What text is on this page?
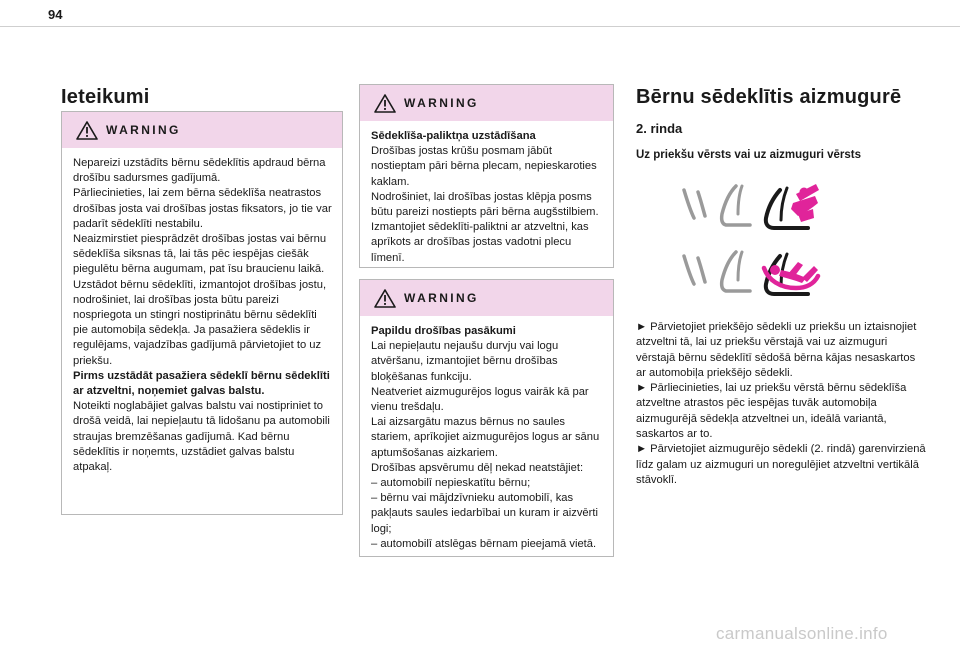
94
Ieteikumi
WARNING

Nepareizi uzstādīts bērnu sēdeklītis apdraud bērna drošību sadursmes gadījumā.

Pārliecinieties, lai zem bērna sēdeklīša neatrastos drošības josta vai drošības jostas fiksators, jo tie var padarīt sēdeklīti nestabilu.

Neaizmirstiet piesprādzēt drošības jostas vai bērnu sēdeklīša siksnas tā, lai tās pēc iespējas ciešāk piegulētu bērna augumam, pat īsu braucienu laikā.

Uzstādot bērnu sēdeklīti, izmantojot drošības jostu, nodrošiniet, lai drošības josta būtu pareizi nospriegota un stingri nostiprinātu bērnu sēdeklīti pie automobiļa sēdekļa. Ja pasažiera sēdeklis ir regulējams, vajadzības gadījumā pārvietojiet to uz priekšu.

Pirms uzstādāt pasažiera sēdeklī bērnu sēdeklīti ar atzveltni, noņemiet galvas balstu.

Noteikti noglabājiet galvas balstu vai nostipriniet to drošā veidā, lai nepieļautu tā lidošanu pa automobili straujas bremzēšanas gadījumā. Kad bērnu sēdeklītis ir noņemts, uzstādiet galvas balstu atpakaļ.

WARNING

Sēdeklīša-paliktņa uzstādīšana

Drošības jostas krūšu posmam jābūt nostieptam pāri bērna plecam, nepieskaroties kaklam.

Nodrošiniet, lai drošības jostas klēpja posms būtu pareizi nostiepts pāri bērna augšstilbiem.

Izmantojiet sēdeklīti-paliktni ar atzveltni, kas aprīkots ar drošības jostas vadotni plecu līmenī.

WARNING

Papildu drošības pasākumi

Lai nepieļautu nejaušu durvju vai logu atvēršanu, izmantojiet bērnu drošības bloķēšanas funkciju.

Neatveriet aizmugurējos logus vairāk kā par vienu trešdaļu.

Lai aizsargātu mazus bērnus no saules stariem, aprīkojiet aizmugurējos logus ar sānu aptumšošanas aizkariem.

Drošības apsvērumu dēļ nekad neatstājiet:

– automobilī nepieskatītu bērnu;

– bērnu vai mājdzīvnieku automobilī, kas pakļauts saules iedarbībai un kuram ir aizvērti logi;

– automobilī atslēgas bērnam pieejamā vietā.

Bērnu sēdeklītis aizmugurē
2. rinda
Uz priekšu vērsts vai uz aizmuguri vērsts

► Pārvietojiet priekšējo sēdekli uz priekšu un iztaisnojiet atzveltni tā, lai uz priekšu vērstajā vai uz aizmuguri vērstajā bērnu sēdeklītī sēdošā bērna kājas nesaskartos ar automobiļa priekšējo sēdekli.

► Pārliecinieties, lai uz priekšu vērstā bērnu sēdeklīša atzveltne atrastos pēc iespējas tuvāk automobiļa aizmugurējā sēdekļa atzveltnei un, ideālā variantā, saskartos ar to.

► Pārvietojiet aizmugurējo sēdekli (2. rindā) garenvirzienā līdz galam uz aizmuguri un noregulējiet atzveltni vertikālā stāvoklī.

carmanualsonline.info
